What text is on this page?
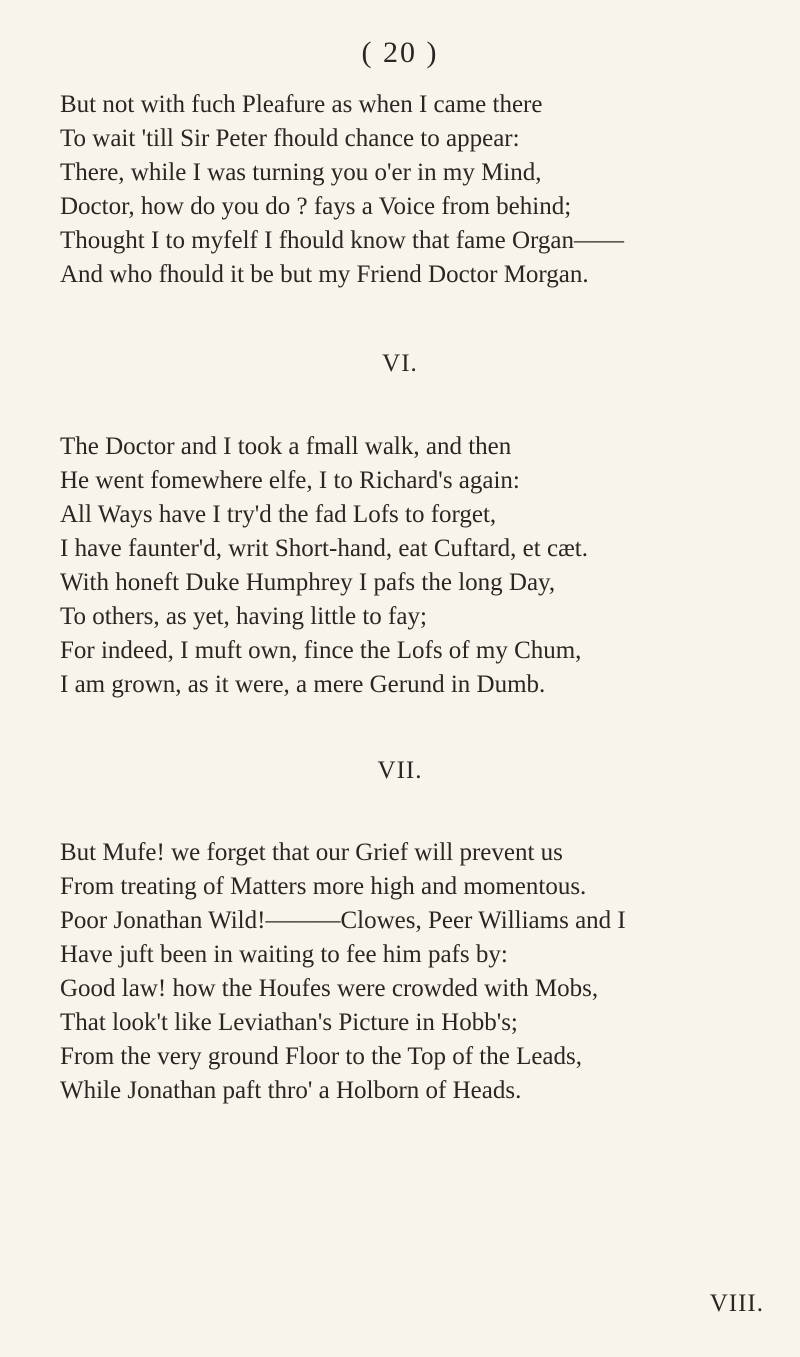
( 20 )
But not with fuch Pleafure as when I came there
To wait 'till Sir Peter fhould chance to appear:
There, while I was turning you o'er in my Mind,
Doctor, how do you do ? fays a Voice from behind;
Thought I to myfelf I fhould know that fame Organ——
And who fhould it be but my Friend Doctor Morgan.
VI.
The Doctor and I took a fmall walk, and then
He went fomewhere elfe, I to Richard's again:
All Ways have I try'd the fad Lofs to forget,
I have faunter'd, writ Short-hand, eat Cuftard, et cæt.
With honeft Duke Humphrey I pafs the long Day,
To others, as yet, having little to fay;
For indeed, I muft own, fince the Lofs of my Chum,
I am grown, as it were, a mere Gerund in Dumb.
VII.
But Mufe! we forget that our Grief will prevent us
From treating of Matters more high and momentous.
Poor Jonathan Wild!———Clowes, Peer Williams and I
Have juft been in waiting to fee him pafs by:
Good law! how the Houfes were crowded with Mobs,
That look't like Leviathan's Picture in Hobb's;
From the very ground Floor to the Top of the Leads,
While Jonathan paft thro' a Holborn of Heads.
VIII.
